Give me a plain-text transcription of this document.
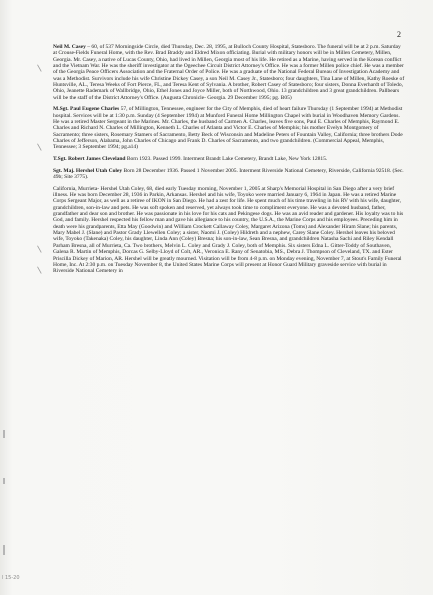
2
\
\
\
\
l 15-20

Neil M. Casey – 60, of 537 Morningside Circle, died Thursday, Dec. 28, 1995, at Bulloch County Hospital, Statesboro. The funeral will be at 2 p.m. Saturday at Crouse-Fields Funeral Home, with the Rev. Brad Braddy and Eldred Mixon officiating. Burial with military honors will be in Millen Cemetery, Millen, Georgia. Mr. Casey, a native of Lucas County, Ohio, had lived in Millen, Georgia most of his life. He retired as a Marine, having served in the Korean conflict and the Vietnam War. He was the sheriff investigator at the Ogeechee Circuit District Attorney's Office. He was a former Millen police chief. He was a member of the Georgia Peace Officers Association and the Fraternal Order of Police. He was a graduate of the National Federal Bureau of Investigation Academy and was a Methodist. Survivors include his wife Christine Dickey Casey, a son Neil M. Casey Jr., Statesboro; four daughters, Tina Lane of Millen, Kathy Roeske of Huntsville, AL., Teresa Weeks of Fort Pierce, FL, and Teresa Kent of Sylvania. A brother, Robert Casey of Statesboro; four sisters, Donna Everhardt of Toledo, Ohio, Jeanette Rademark of Wallbridge, Ohio, Ethel Jones and Joyce Miller, both of Northwood, Ohio. 13 grandchildren and 3 great grandchildren. Pallbears will be the staff of the District Attorney's Office. (Augusta Chronicle- Georgia. 29 December 1995; pg. B05)

M.Sgt. Paul Eugene Charles 57, of Millington, Tennessee, engineer for the City of Memphis, died of heart failure Thursday (1 September 1994) at Methodist hospital. Services will be at 1:30 p.m. Sunday (4 September 1994) at Munford Funeral Home Millington Chapel with burial in Woodhaven Memory Gardens. He was a retired Master Sergeant in the Marines. Mr. Charles, the husband of Carmen A. Charles, leaves five sons, Paul E. Charles of Memphis, Raymond E. Charles and Richard N. Charles of Millington, Kenneth L. Charles of Atlanta and Victor E. Charles of Memphis; his mother Evelyn Montgomery of Sacramento; three sisters, Rosemary Stamers of Sacramento, Betty Beck of Wisconsin and Madeline Peters of Fountain Valley, California; three brothers Dode Charles of Jefferson, Alabama, John Charles of Chicago and Frank D. Charles of Sacramento, and two grandchildren. (Commercial Appeal, Memphis, Tennessee; 3 September 1994; pg.a14)

T.Sgt. Robert James Cleveland Born 1923. Passed 1999. Interment Brandt Lake Cemetery, Brandt Lake, New York 12815.

Sgt. Maj. Hershel Utah Coley Born 28 December 1936. Passed 1 November 2005. Interment Riverside National Cemetery, Riverside, California 92518. (Sec. 49b; Site 3775).

California, Murrieta- Hershel Utah Coley, 68, died early Tuesday morning, November 1, 2005 at Sharp's Memorial Hospital in San Diego after a very brief illness. He was born December 28, 1936 in Parkin, Arkansas. Hershel and his wife, Toyoko were married January 6, 1964 in Japan. He was a retired Marine Corps Sergeant Major, as well as a retiree of IKON in San Diego. He had a zest for life. He spent much of his time traveling in his RV with his wife, daughter, grandchildren, son-in-law and pets. He was soft spoken and reserved, yet always took time to compliment everyone. He was a devoted husband, father, grandfather and dear son and brother. He was passionate in his love for his cats and Pekingese dogs. He was an avid reader and gardener. His loyalty was to his God, and family. Hershel respected his fellow man and gave his allegiance to his country, the U.S.A., the Marine Corps and his employees. Preceding him in death were his grandparents, Etta May (Goodwin) and William Crockett Callaway Coley, Margaret Arizona (Toms) and Alexander Hiram Slane; his parents, Mary Mabel J. (Slane) and Pastor Grady Llewellen Coley; a sister, Naomi J. (Coley) Hildreth and a nephew, Carey Slane Coley. Hershel leaves his beloved wife, Toyoko (Takenaka) Coley, his daughter, Linda Ann (Coley) Bresna; his son-in-law, Sean Bresna, and grandchildren Natasha Sachi and Riley Kendall Parham Bresna, all of Murrieta, Ca. Two brothers, Melvin L. Coley and Grady J. Coley, both of Memphis. Six sisters Edna L. Gitter-Toddy of Southaven, Galena R. Martin of Memphis, Dorcas G. Selby-Lloyd of Colt, AR., Veronica E. Rany of Senatobia, MS., Debra J. Thompson of Cleveland, TX. and Ester Priscilla Dickey of Marion, AR. Hershel will be greatly mourned. Visitation will be from 4-8 p.m. on Monday evening, November 7, at Stout's Family Funeral Home, Inc. At 2:30 p.m. on Tuesday November 8, the United States Marine Corps will present at Honor Guard Military graveside service with burial in Riverside National Cemetery in
